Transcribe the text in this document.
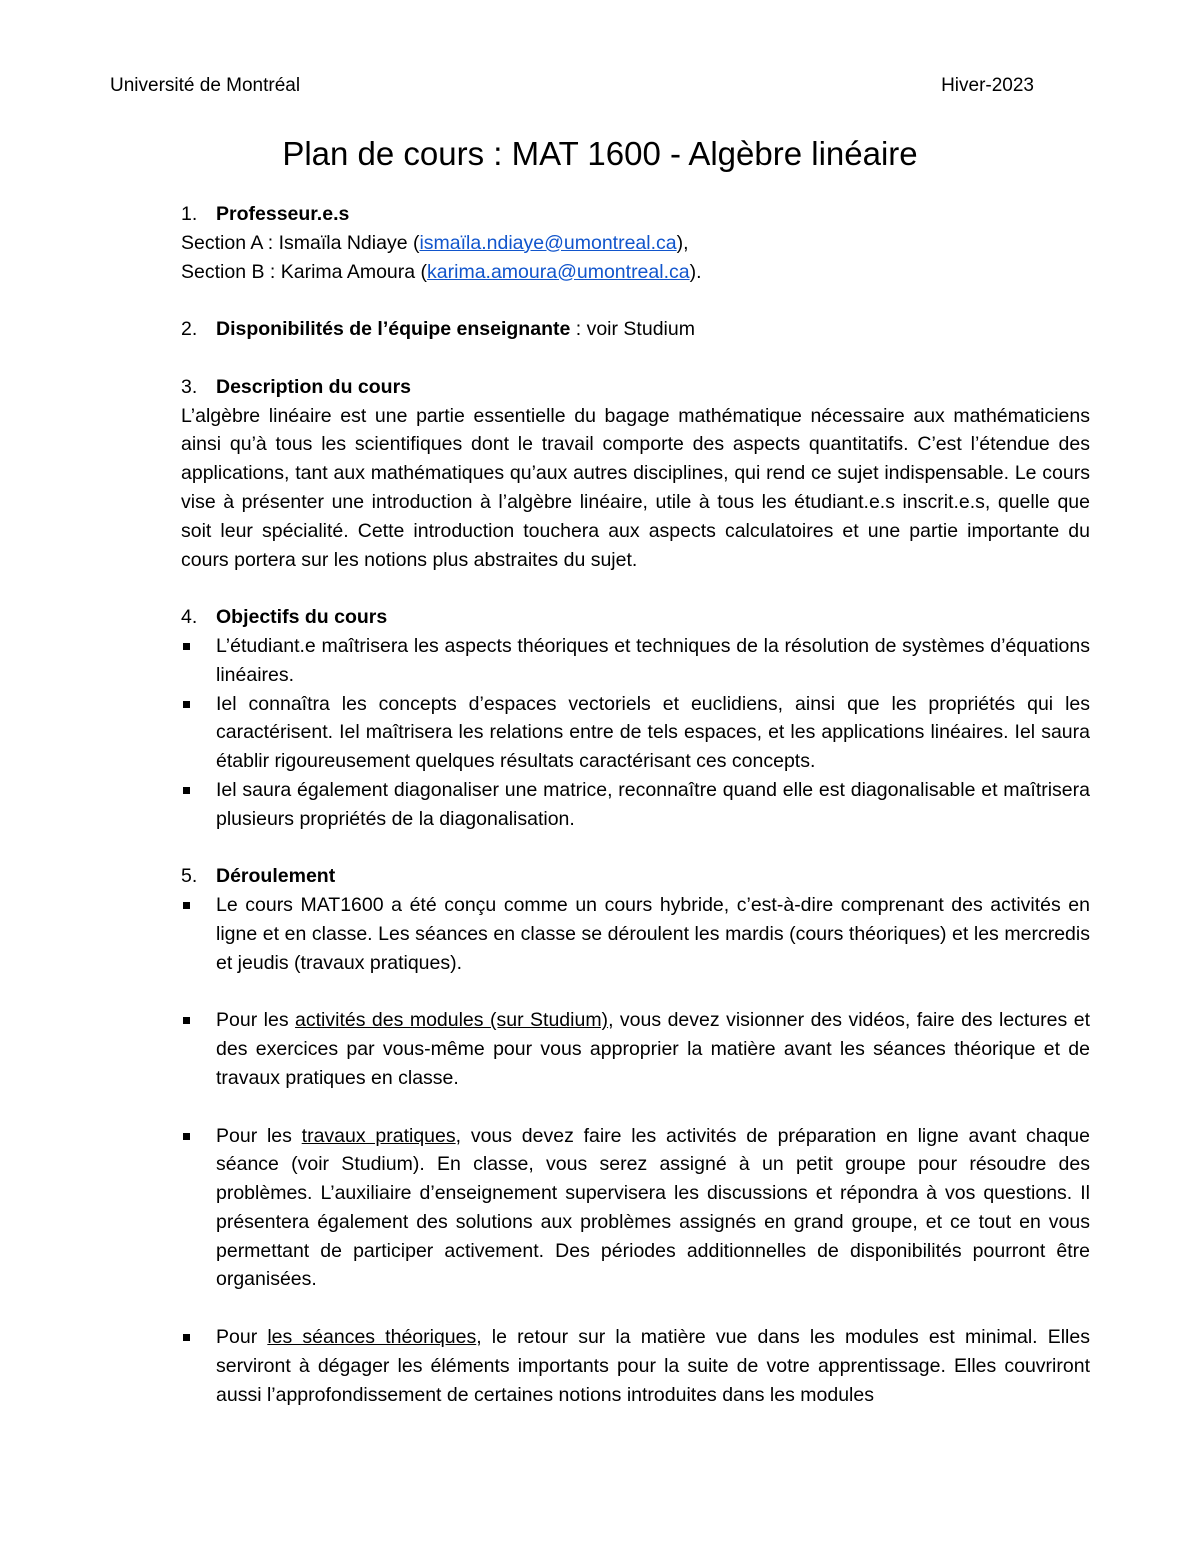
Université de Montréal	Hiver-2023
Plan de cours : MAT 1600 - Algèbre linéaire

1. Professeur.e.s

Section A : Ismaïla Ndiaye (ismaïla.ndiaye@umontreal.ca),

Section B : Karima Amoura (karima.amoura@umontreal.ca).

2. Disponibilités de l’équipe enseignante : voir Studium

3. Description du cours

L’algèbre linéaire est une partie essentielle du bagage mathématique nécessaire aux mathématiciens ainsi qu’à tous les scientifiques dont le travail comporte des aspects quantitatifs. C’est l’étendue des applications, tant aux mathématiques qu’aux autres disciplines, qui rend ce sujet indispensable. Le cours vise à présenter une introduction à l’algèbre linéaire, utile à tous les étudiant.e.s inscrit.e.s, quelle que soit leur spécialité. Cette introduction touchera aux aspects calculatoires et une partie importante du cours portera sur les notions plus abstraites du sujet.

4. Objectifs du cours

L’étudiant.e maîtrisera les aspects théoriques et techniques de la résolution de systèmes d’équations linéaires.

Iel connaîtra les concepts d’espaces vectoriels et euclidiens, ainsi que les propriétés qui les caractérisent. Iel maîtrisera les relations entre de tels espaces, et les applications linéaires. Iel saura établir rigoureusement quelques résultats caractérisant ces concepts.

Iel saura également diagonaliser une matrice, reconnaître quand elle est diagonalisable et maîtrisera plusieurs propriétés de la diagonalisation.

5. Déroulement

Le cours MAT1600 a été conçu comme un cours hybride, c’est-à-dire comprenant des activités en ligne et en classe. Les séances en classe se déroulent les mardis (cours théoriques) et les mercredis et jeudis (travaux pratiques).

Pour les activités des modules (sur Studium), vous devez visionner des vidéos, faire des lectures et des exercices par vous-même pour vous approprier la matière avant les séances théorique et de travaux pratiques en classe.

Pour les travaux pratiques, vous devez faire les activités de préparation en ligne avant chaque séance (voir Studium). En classe, vous serez assigné à un petit groupe pour résoudre des problèmes. L’auxiliaire d’enseignement supervisera les discussions et répondra à vos questions. Il présentera également des solutions aux problèmes assignés en grand groupe, et ce tout en vous permettant de participer activement. Des périodes additionnelles de disponibilités pourront être organisées.

Pour les séances théoriques, le retour sur la matière vue dans les modules est minimal. Elles serviront à dégager les éléments importants pour la suite de votre apprentissage. Elles couvriront aussi l’approfondissement de certaines notions introduites dans les modules
